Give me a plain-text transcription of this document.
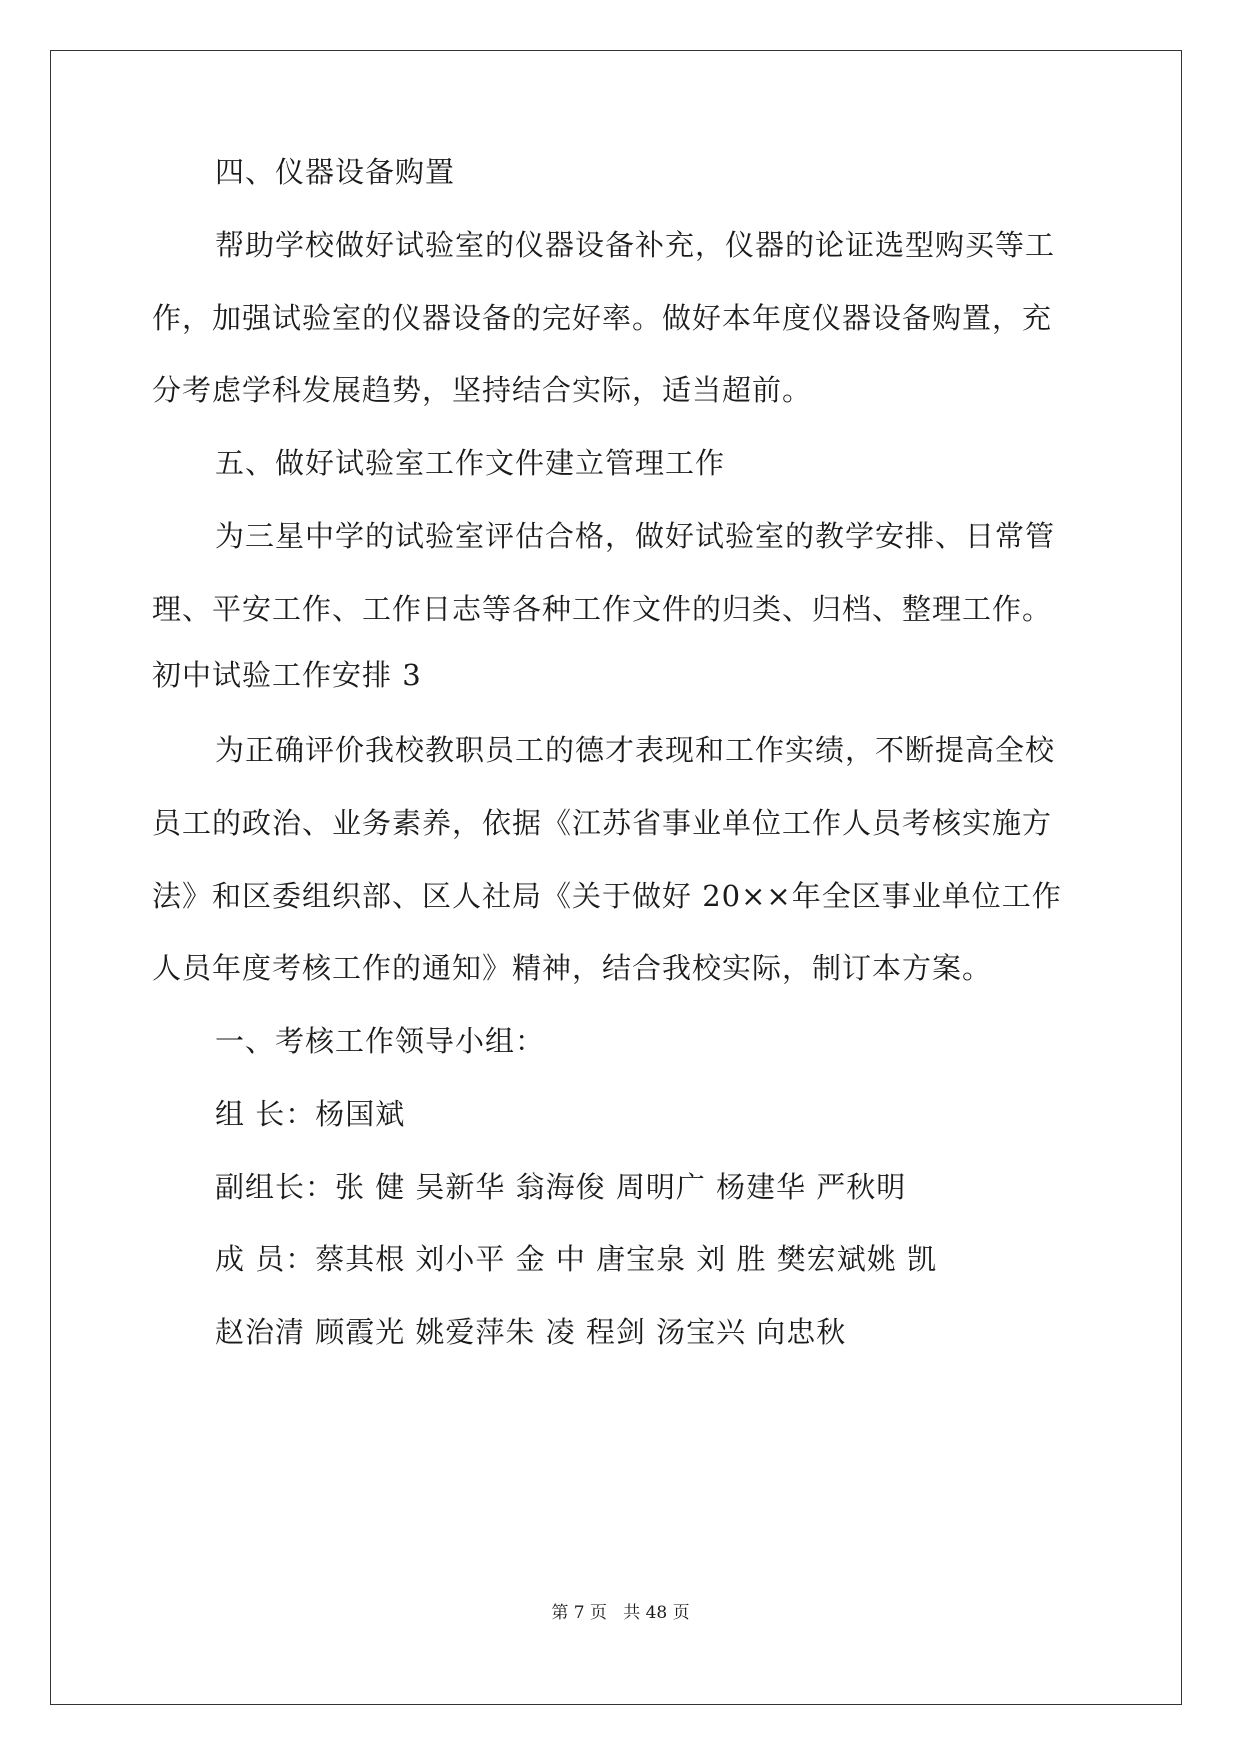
四、仪器设备购置
帮助学校做好试验室的仪器设备补充，仪器的论证选型购买等工
作，加强试验室的仪器设备的完好率。做好本年度仪器设备购置，充
分考虑学科发展趋势，坚持结合实际，适当超前。
五、做好试验室工作文件建立管理工作
为三星中学的试验室评估合格，做好试验室的教学安排、日常管
理、平安工作、工作日志等各种工作文件的归类、归档、整理工作。
初中试验工作安排 3
为正确评价我校教职员工的德才表现和工作实绩，不断提高全校
员工的政治、业务素养，依据《江苏省事业单位工作人员考核实施方
法》和区委组织部、区人社局《关于做好 20××年全区事业单位工作
人员年度考核工作的通知》精神，结合我校实际，制订本方案。
一、考核工作领导小组：
组 长：杨国斌
副组长：张 健 吴新华 翁海俊 周明广 杨建华 严秋明
成 员：蔡其根 刘小平 金 中 唐宝泉 刘 胜 樊宏斌姚 凯
赵治清 顾霞光 姚爱萍朱 凌 程剑 汤宝兴 向忠秋
第 7 页   共 48 页
